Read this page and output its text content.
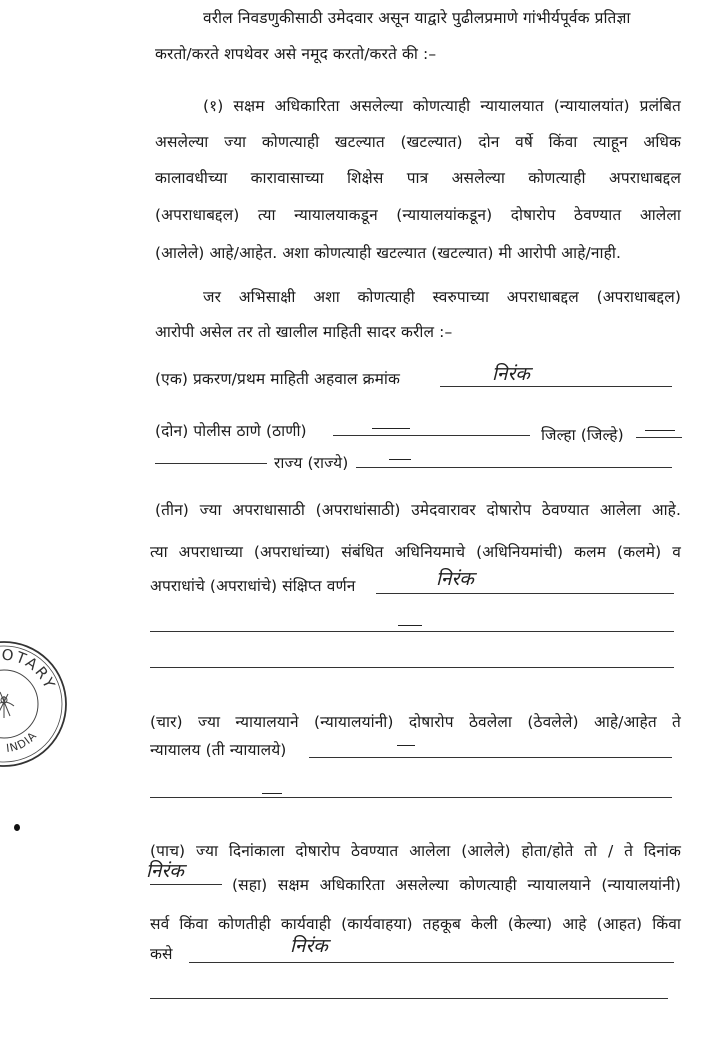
वरील निवडणुकीसाठी उमेदवार असून याद्वारे पुढीलप्रमाणे गांभीर्यपूर्वक प्रतिज्ञा
करतो/करते शपथेवर असे नमूद करतो/करते की :–
(१) सक्षम अधिकारिता असलेल्या कोणत्याही न्यायालयात (न्यायालयांत) प्रलंबित
असलेल्या ज्या कोणत्याही खटल्यात (खटल्यात) दोन वर्षे किंवा त्याहून अधिक
कालावधीच्या कारावासाच्या शिक्षेस पात्र असलेल्या कोणत्याही अपराधाबद्दल
(अपराधाबद्दल) त्या न्यायालयाकडून (न्यायालयांकडून) दोषारोप ठेवण्यात आलेला
(आलेले) आहे/आहेत. अशा कोणत्याही खटल्यात (खटल्यात) मी आरोपी आहे/नाही.
जर अभिसाक्षी अशा कोणत्याही स्वरुपाच्या अपराधाबद्दल (अपराधाबद्दल)
आरोपी असेल तर तो खालील माहिती सादर करील :–
(एक) प्रकरण/प्रथम माहिती अहवाल क्रमांक	निरंक
(दोन) पोलीस ठाणे (ठाणी)	जिल्हा (जिल्हे)
राज्य (राज्ये)
(तीन) ज्या अपराधासाठी (अपराधांसाठी) उमेदवारावर दोषारोप ठेवण्यात आलेला आहे.
त्या अपराधाच्या (अपराधांच्या) संबंधित अधिनियमाचे (अधिनियमांची) कलम (कलमे) व
अपराधांचे (अपराधांचे) संक्षिप्त वर्णन	निरंक
(चार) ज्या न्यायालयाने (न्यायालयांनी) दोषारोप ठेवलेला (ठेवलेले) आहे/आहेत ते
न्यायालय (ती न्यायालये)
(पाच) ज्या दिनांकाला दोषारोप ठेवण्यात आलेला (आलेले) होता/होते तो / ते दिनांक
निरंक
(सहा) सक्षम अधिकारिता असलेल्या कोणत्याही न्यायालयाने (न्यायालयांनी)
सर्व किंवा कोणतीही कार्यवाही (कार्यवाहया) तहकूब केली (केल्या) आहे (आहत) किंवा
कसे	निरंक
OTARY
INDIA
